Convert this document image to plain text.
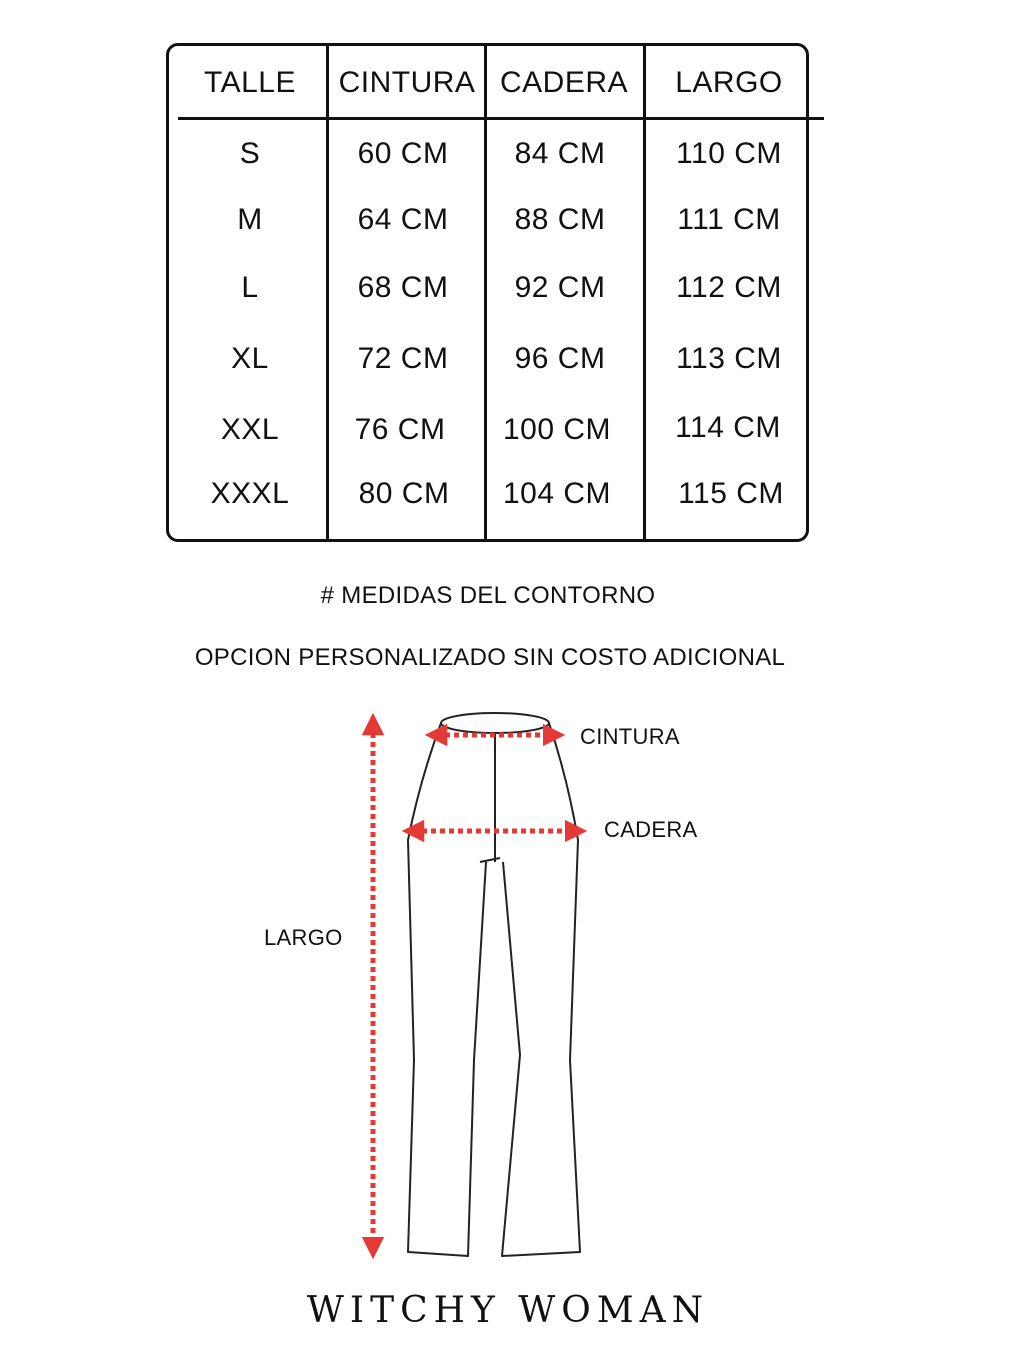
TALLE CINTURA CADERA LARGO
S	60 CM 84 CM 110 CM
M	64 CM 88 CM 111 CM
L	68 CM 92 CM 112 CM
XL	72 CM 96 CM 113 CM
XXL	76 CM 100 CM 114 CM
XXXL 80 CM 104 CM 115 CM
# MEDIDAS DEL CONTORNO
OPCION PERSONALIZADO SIN COSTO ADICIONAL
CINTURA
CADERA
LARGO
WITCHY WOMAN
